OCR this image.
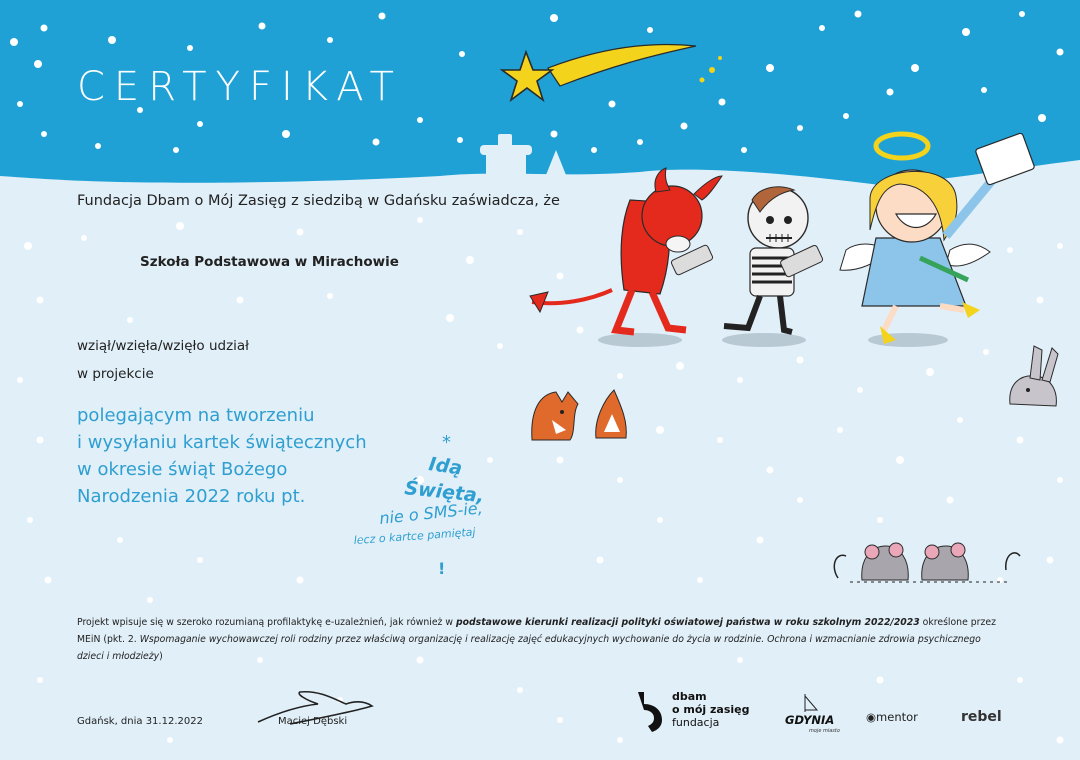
CERTYFIKAT
Fundacja Dbam o Mój Zasięg z siedzibą w Gdańsku zaświadcza, że
Szkoła Podstawowa w Mirachowie
wziął/wzięła/wzięło udział
w projekcie
polegającym na tworzeniu
i wysyłaniu kartek świątecznych
w okresie świąt Bożego
Narodzenia 2022 roku pt.
*
Idą
Święta,
nie o SMS-ie,
lecz o kartce pamiętaj
!
Projekt wpisuje się w szeroko rozumianą profilaktykę e-uzależnień, jak również w podstawowe kierunki realizacji polityki oświatowej państwa w roku szkolnym 2022/2023 określone przez MEiN (pkt. 2. Wspomaganie wychowawczej roli rodziny przez właściwą organizację i realizację zajęć edukacyjnych wychowanie do życia w rodzinie. Ochrona i wzmacnianie zdrowia psychicznego dzieci i młodzieży)
Gdańsk, dnia 31.12.2022	Maciej Dębski
dbam
o mój zasięg
fundacja	GDYNIA
moje miasto
◉mentor	rebel
